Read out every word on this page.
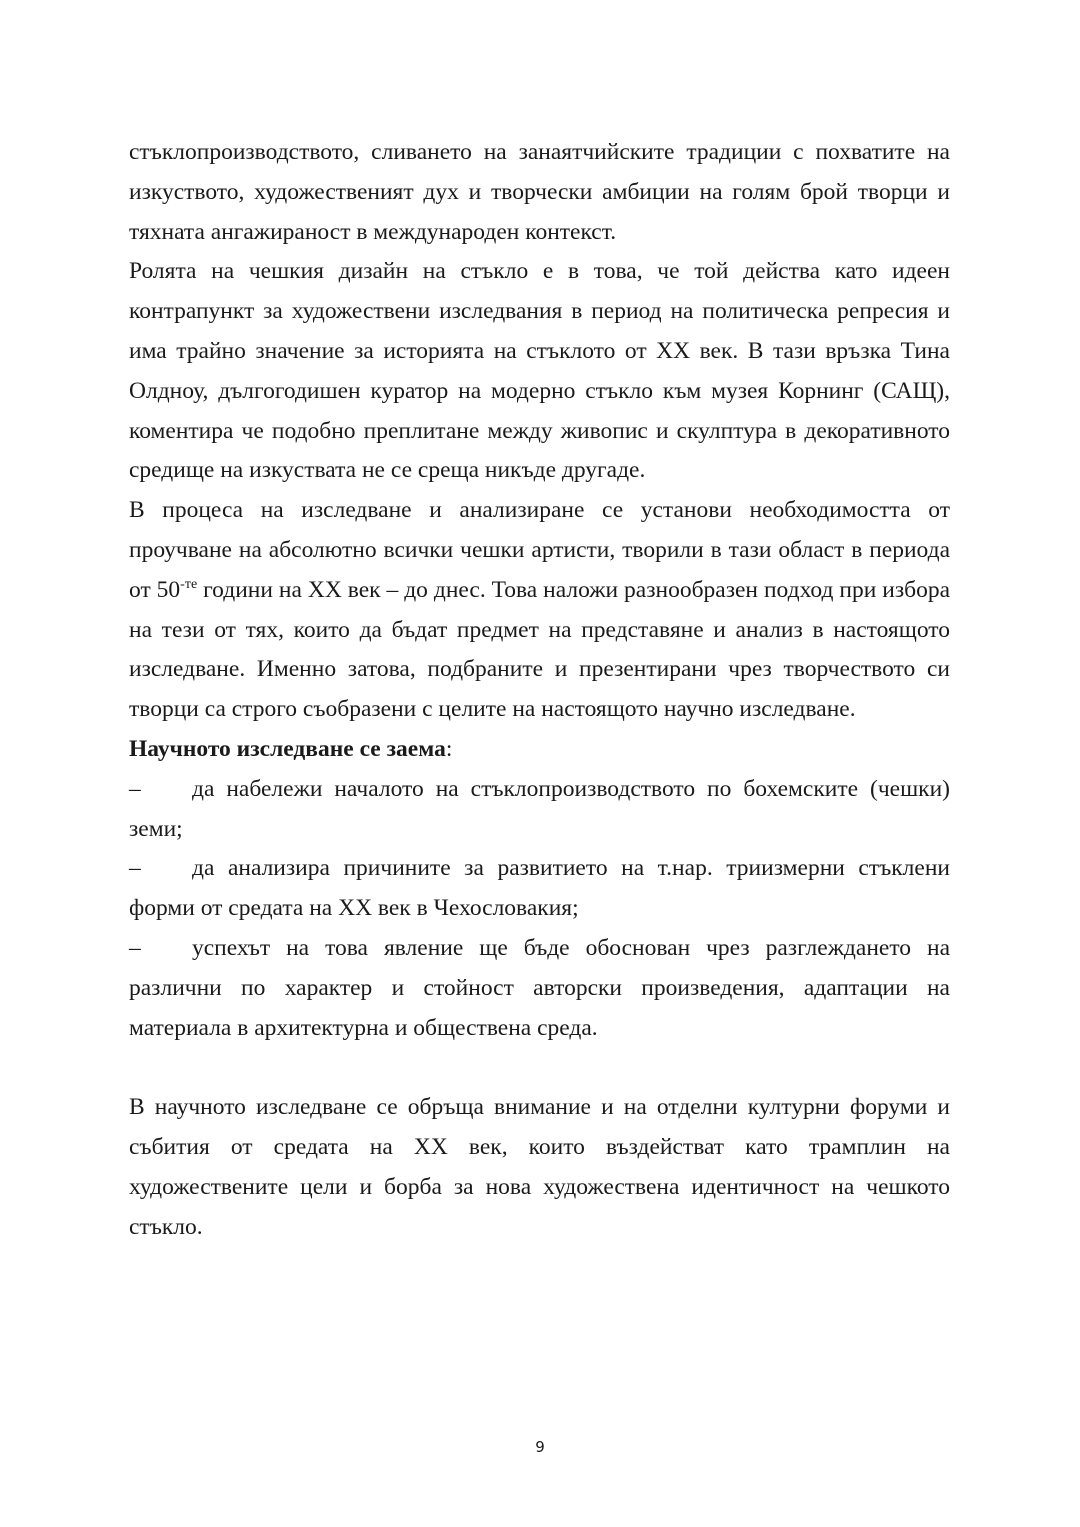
стъклопроизводството, сливането на занаятчийските традиции с похватите на изкуството, художественият дух и творчески амбиции на голям брой творци и тяхната ангажираност в международен контекст.

Ролята на чешкия дизайн на стъкло е в това, че той действа като идеен контрапункт за художествени изследвания в период на политическа репресия и има трайно значение за историята на стъклото от XX век. В тази връзка Тина Олдноу, дългогодишен куратор на модерно стъкло към музея Корнинг (САЩ), коментира че подобно преплитане между живопис и скулптура в декоративното средище на изкуствата не се среща никъде другаде.

В процеса на изследване и анализиране се установи необходимостта от проучване на абсолютно всички чешки артисти, творили в тази област в периода от $50^{-те}$ години на XX век – до днес. Това наложи разнообразен подход при избора на тези от тях, които да бъдат предмет на представяне и анализ в настоящото изследване. Именно затова, подбраните и презентирани чрез творчеството си творци са строго съобразени с целите на настоящото научно изследване.

Научното изследване се заема:

– да набележи началото на стъклопроизводството по бохемските (чешки) земи;

– да анализира причините за развитието на т.нар. триизмерни стъклени форми от средата на XX век в Чехословакия;

– успехът на това явление ще бъде обоснован чрез разглеждането на различни по характер и стойност авторски произведения, адаптации на материала в архитектурна и обществена среда.

В научното изследване се обръща внимание и на отделни културни форуми и събития от средата на XX век, които въздействат като трамплин на художествените цели и борба за нова художествена идентичност на чешкото стъкло.

9
